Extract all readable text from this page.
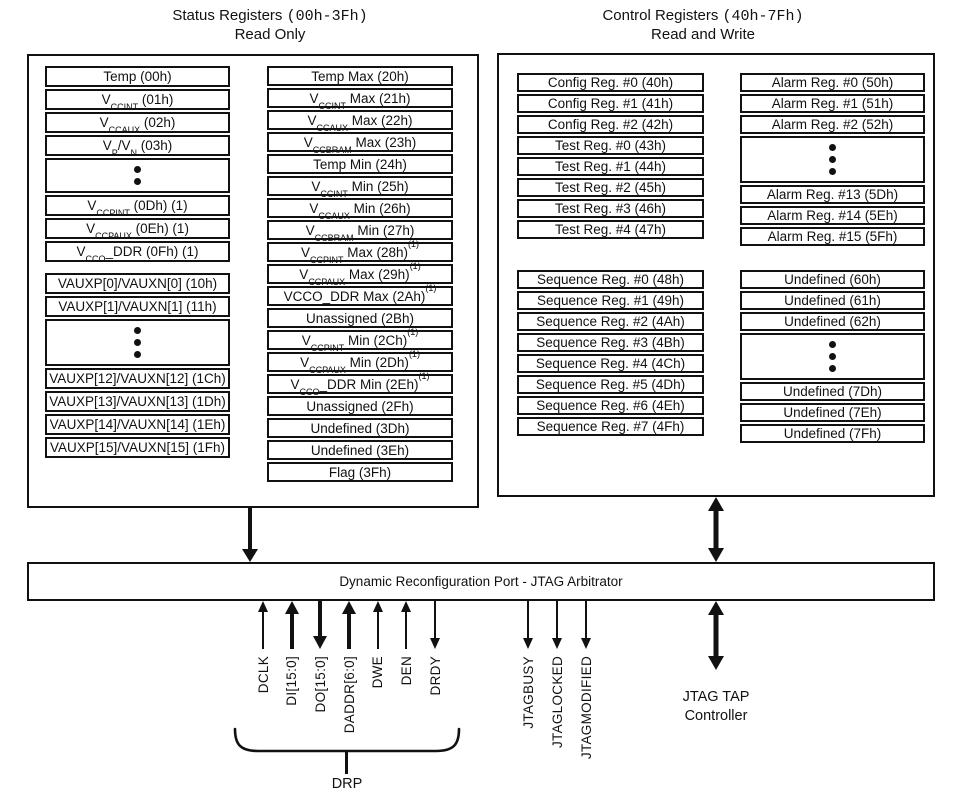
Status Registers (00h-3Fh)
Read Only
Control Registers (40h-7Fh)
Read and Write
Temp (00h)
$V_{CCINT}$ (01h)
$V_{CCAUX}$ (02h)
$V_P/V_N$ (03h)
$V_{CCPINT}$ (0Dh) (1)
$V_{CCPAUX}$ (0Eh) (1)
$V_{CCO}\_DDR$ (0Fh) (1)
VAUXP[0]/VAUXN[0] (10h)
VAUXP[1]/VAUXN[1] (11h)
VAUXP[12]/VAUXN[12] (1Ch)
VAUXP[13]/VAUXN[13] (1Dh)
VAUXP[14]/VAUXN[14] (1Eh)
VAUXP[15]/VAUXN[15] (1Fh)
Temp Max (20h)
$V_{CCINT}$ Max (21h)
$V_{CCAUX}$ Max (22h)
$V_{CCBRAM}$ Max (23h)
Temp Min (24h)
$V_{CCINT}$ Min (25h)
$V_{CCAUX}$ Min (26h)
$V_{CCBRAM}$ Min (27h)
$V_{CCPINT}$ Max $(28h)^{(1)}$
$V_{CCPAUX}$ Max $(29h)^{(1)}$
VCCO_DDR Max $(2Ah)^{(1)}$
Unassigned (2Bh)
$V_{CCPINT}$ Min $(2Ch)^{(1)}$
$V_{CCPAUX}$ Min $(2Dh)^{(1)}$
$V_{CCO}\_DDR$ Min $(2Eh)^{(1)}$
Unassigned (2Fh)
Undefined (3Dh)
Undefined (3Eh)
Flag (3Fh)
Config Reg. #0 (40h)
Config Reg. #1 (41h)
Config Reg. #2 (42h)
Test Reg. #0 (43h)
Test Reg. #1 (44h)
Test Reg. #2 (45h)
Test Reg. #3 (46h)
Test Reg. #4 (47h)
Sequence Reg. #0 (48h)
Sequence Reg. #1 (49h)
Sequence Reg. #2 (4Ah)
Sequence Reg. #3 (4Bh)
Sequence Reg. #4 (4Ch)
Sequence Reg. #5 (4Dh)
Sequence Reg. #6 (4Eh)
Sequence Reg. #7 (4Fh)
Alarm Reg. #0 (50h)
Alarm Reg. #1 (51h)
Alarm Reg. #2 (52h)
Alarm Reg. #13 (5Dh)
Alarm Reg. #14 (5Eh)
Alarm Reg. #15 (5Fh)
Undefined (60h)
Undefined (61h)
Undefined (62h)
Undefined (7Dh)
Undefined (7Eh)
Undefined (7Fh)
Dynamic Reconfiguration Port - JTAG Arbitrator
DCLK DI[15:0] DO[15:0] DADDR[6:0] DWE DEN DRDY	JTAGBUSY JTAGLOCKED JTAGMODIFIED
DRP
JTAG TAP
Controller
